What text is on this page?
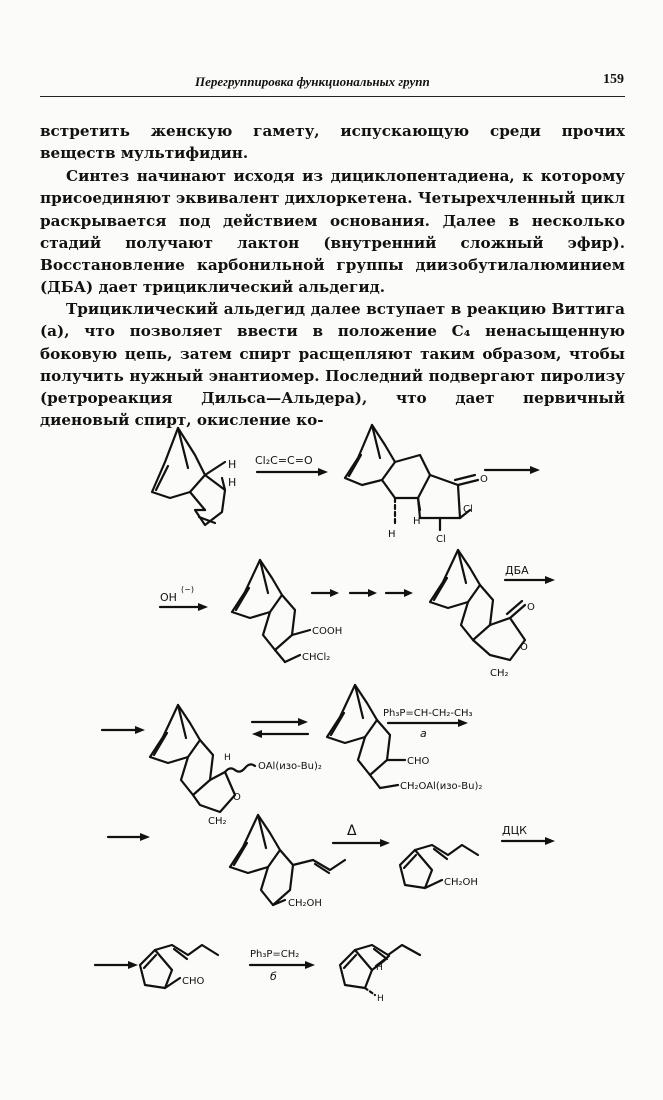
Перегруппировка функциональных групп	159

встретить женскую гамету, испускающую среди прочих веществ мультифидин.

Синтез начинают исходя из дициклопентадиена, к которому присоединяют эквивалент дихлоркетена. Четырехчленный цикл раскрывается под действием основания. Далее в несколько стадий получают лактон (внутренний сложный эфир). Восстановление карбонильной группы диизобутилалюминием (ДБА) дает трициклический альдегид.

Трициклический альдегид далее вступает в реакцию Виттига (а), что позволяет ввести в положение C₄ ненасыщенную боковую цепь, затем спирт расщепляют таким образом, чтобы получить нужный энантиомер. Последний подвергают пиролизу (ретрореакция Дильса—Альдера), что дает первичный диеновый спирт, окисление ко-

H
H
Cl₂C=C=O
O
Cl
Cl
H
H
OH
(−)
COOH
CHCl₂
O
O
CH₂
ДБА
H
OAl(изо-Bu)₂
O
CH₂
CHO
CH₂OAl(изо-Bu)₂
Ph₃P=CH-CH₂-CH₃
а
CH₂OH
Δ
CH₂OH
ДЦК
CHO
Ph₃P=CH₂
б
H
H
